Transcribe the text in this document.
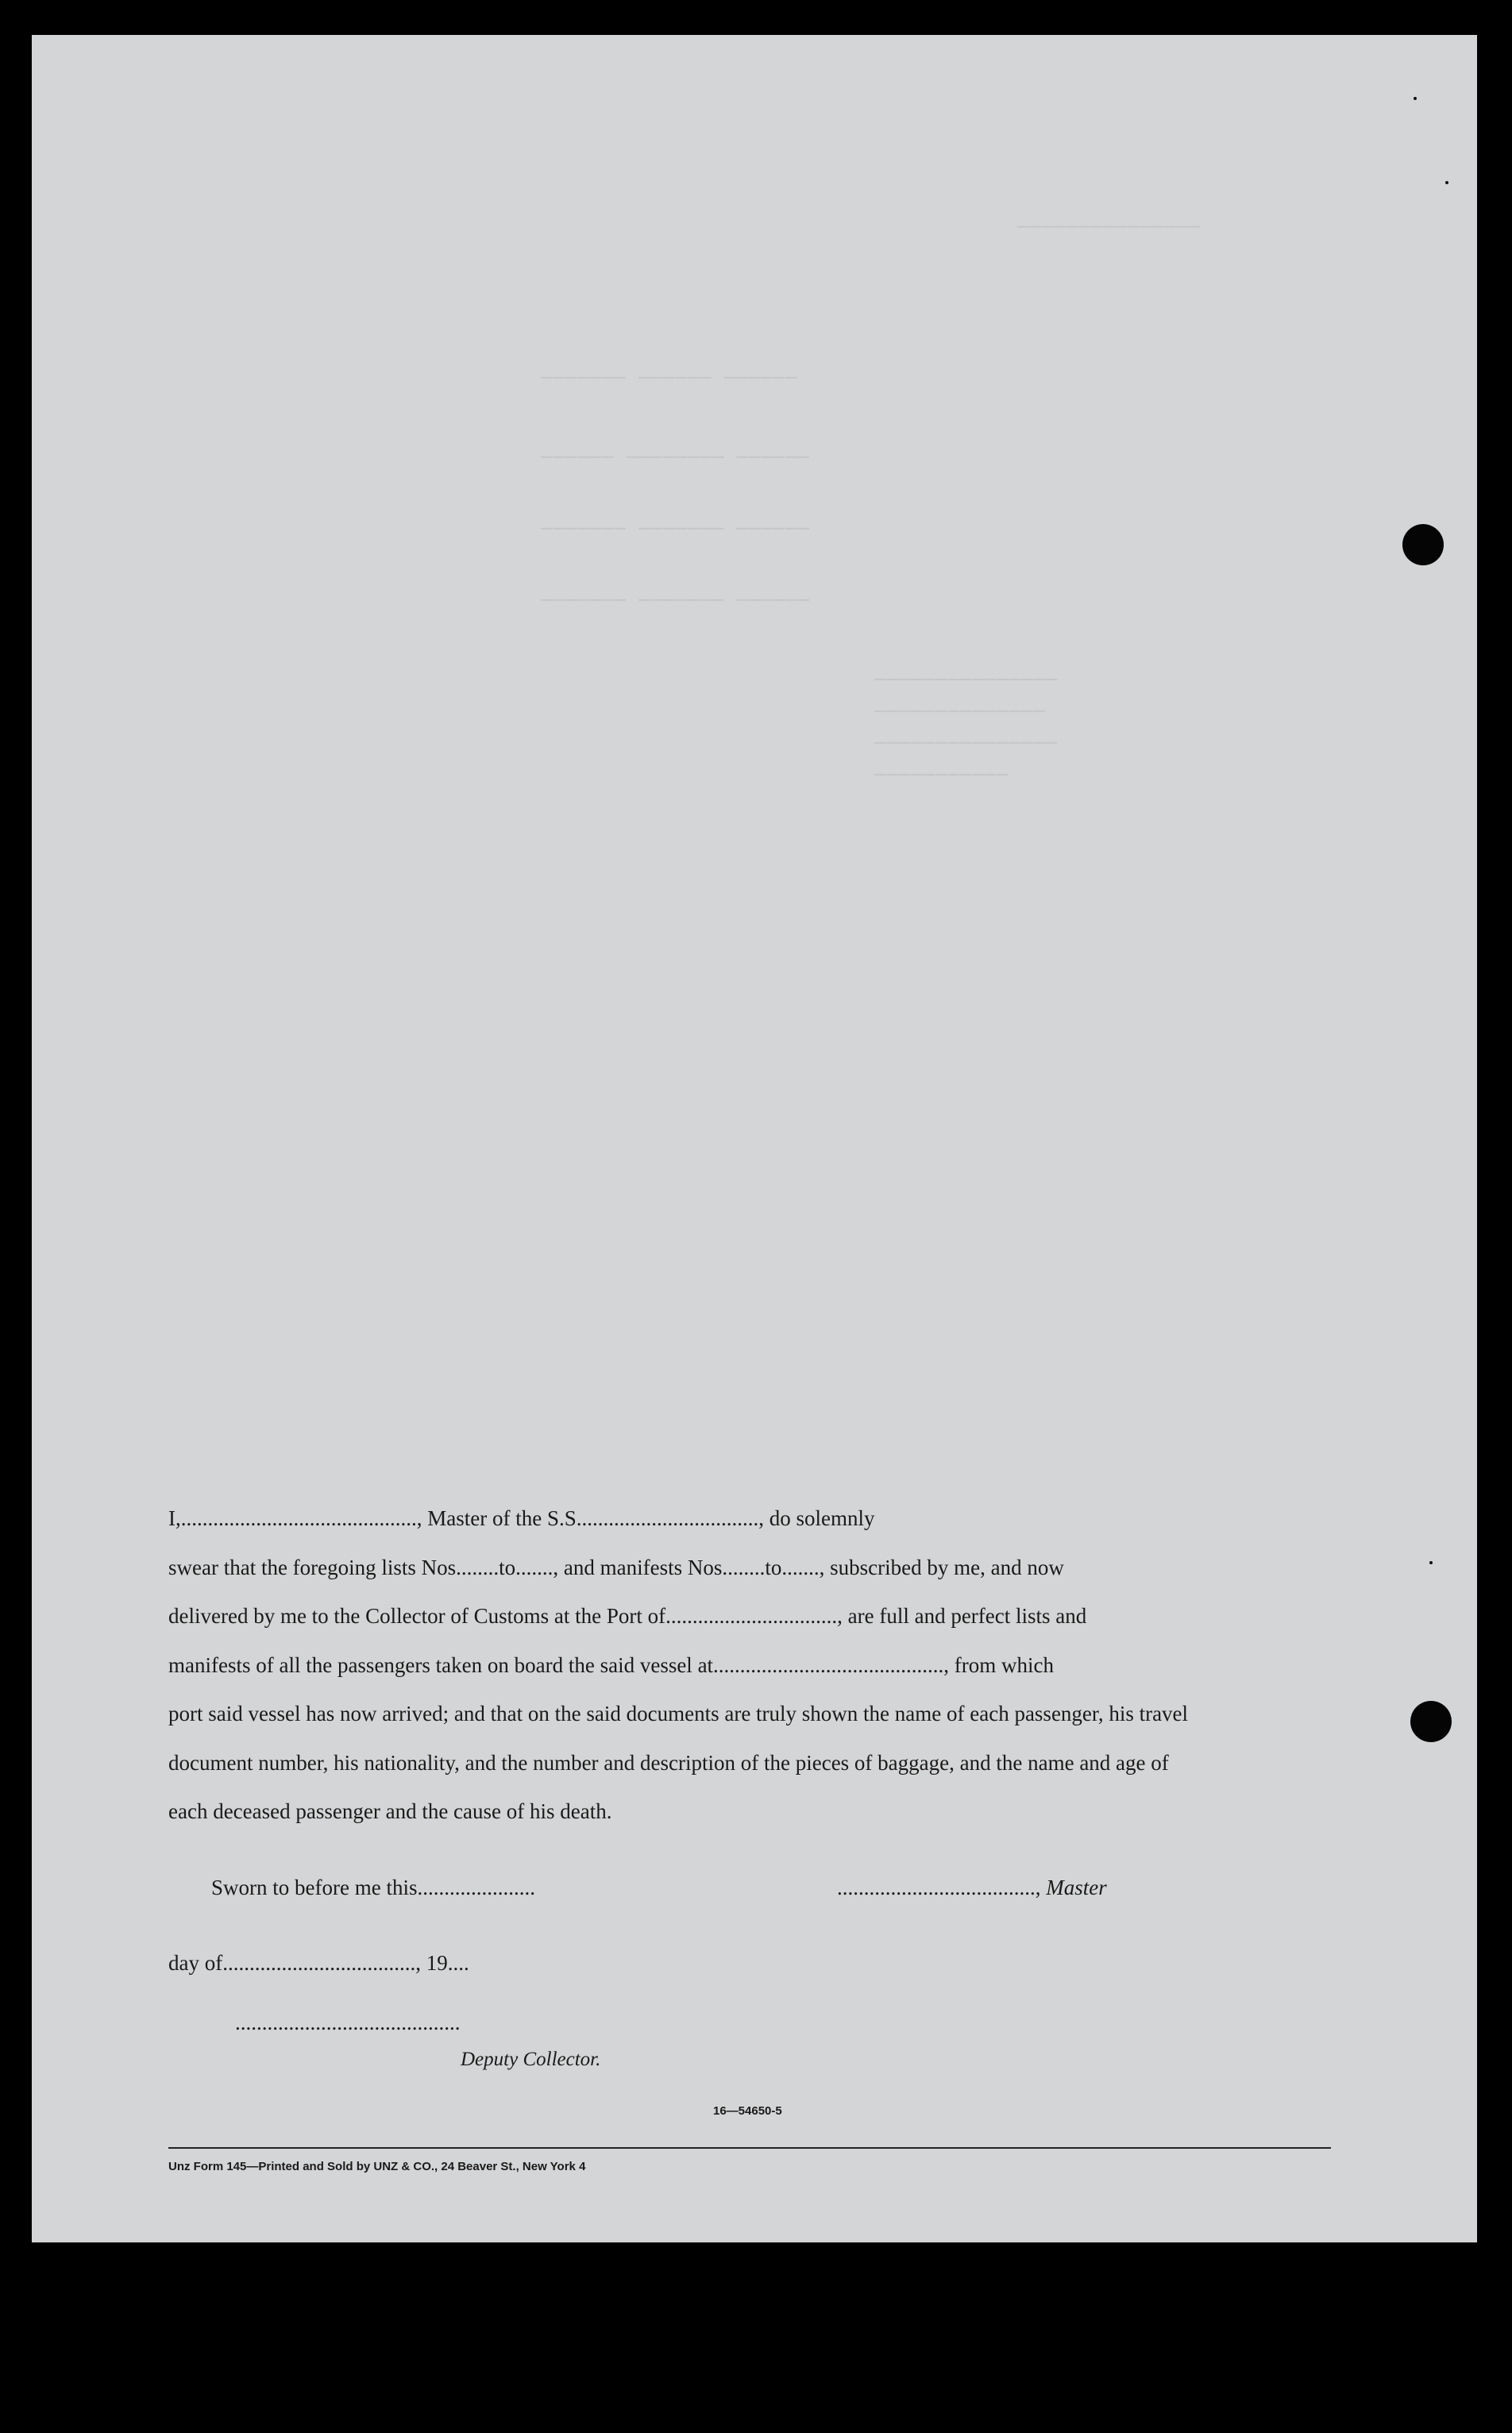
───────────────
────── ────── ───────
────── ──────── ──────
────── ─────── ───────
────── ─────── ───────
───────────────
──────────────
───────────────
───────────

I,............................................, Master of the S.S.................................., do solemnly

swear that the foregoing lists Nos........to......., and manifests Nos........to......., subscribed by me, and now

delivered by me to the Collector of Customs at the Port of................................, are full and perfect lists and

manifests of all the passengers taken on board the said vessel at..........................................., from which

port said vessel has now arrived; and that on the said documents are truly shown the name of each passenger, his travel

document number, his nationality, and the number and description of the pieces of baggage, and the name and age of

each deceased passenger and the cause of his death.

Sworn to before me this......................	....................................., Master
day of...................................., 19....
..........................................
Deputy Collector.
16—54650-5
Unz Form 145—Printed and Sold by UNZ & CO., 24 Beaver St., New York 4
